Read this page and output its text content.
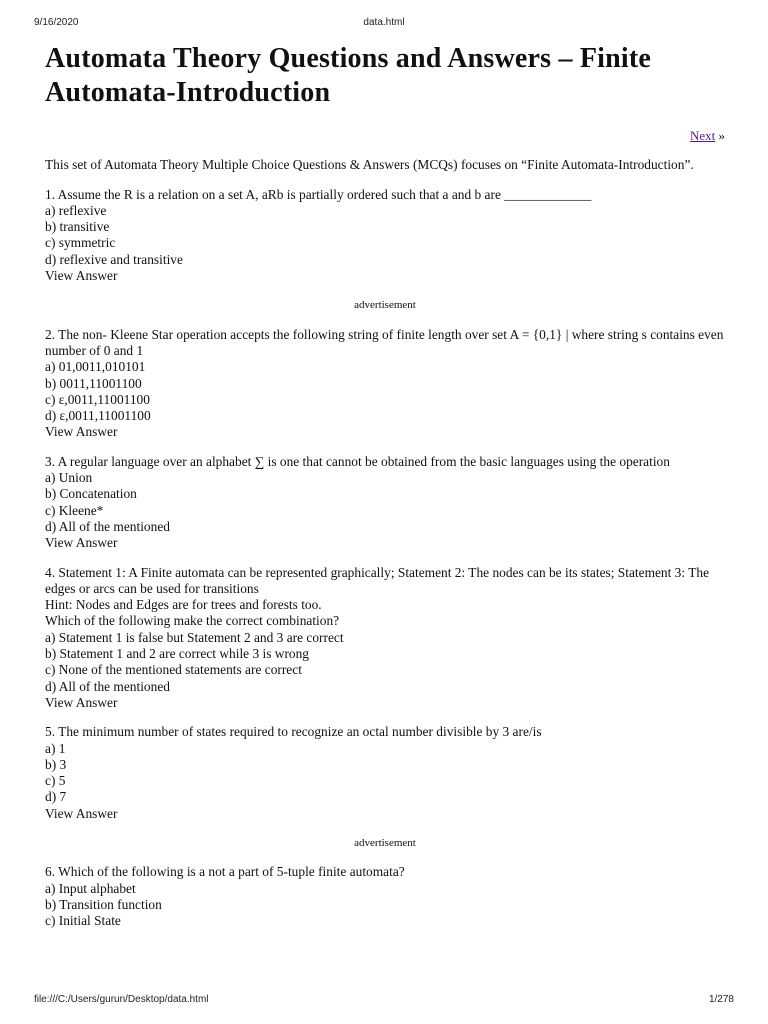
9/16/2020	data.html
Automata Theory Questions and Answers – Finite Automata-Introduction
Next »
This set of Automata Theory Multiple Choice Questions & Answers (MCQs) focuses on “Finite Automata-Introduction”.
1. Assume the R is a relation on a set A, aRb is partially ordered such that a and b are _____________
a) reflexive
b) transitive
c) symmetric
d) reflexive and transitive
View Answer
advertisement
2. The non- Kleene Star operation accepts the following string of finite length over set A = {0,1} | where string s contains even number of 0 and 1
a) 01,0011,010101
b) 0011,11001100
c) ε,0011,11001100
d) ε,0011,11001100
View Answer
3. A regular language over an alphabet ∑ is one that cannot be obtained from the basic languages using the operation
a) Union
b) Concatenation
c) Kleene*
d) All of the mentioned
View Answer
4. Statement 1: A Finite automata can be represented graphically; Statement 2: The nodes can be its states; Statement 3: The edges or arcs can be used for transitions
Hint: Nodes and Edges are for trees and forests too.
Which of the following make the correct combination?
a) Statement 1 is false but Statement 2 and 3 are correct
b) Statement 1 and 2 are correct while 3 is wrong
c) None of the mentioned statements are correct
d) All of the mentioned
View Answer
5. The minimum number of states required to recognize an octal number divisible by 3 are/is
a) 1
b) 3
c) 5
d) 7
View Answer
advertisement
6. Which of the following is a not a part of 5-tuple finite automata?
a) Input alphabet
b) Transition function
c) Initial State
file:///C:/Users/gurun/Desktop/data.html	1/278
